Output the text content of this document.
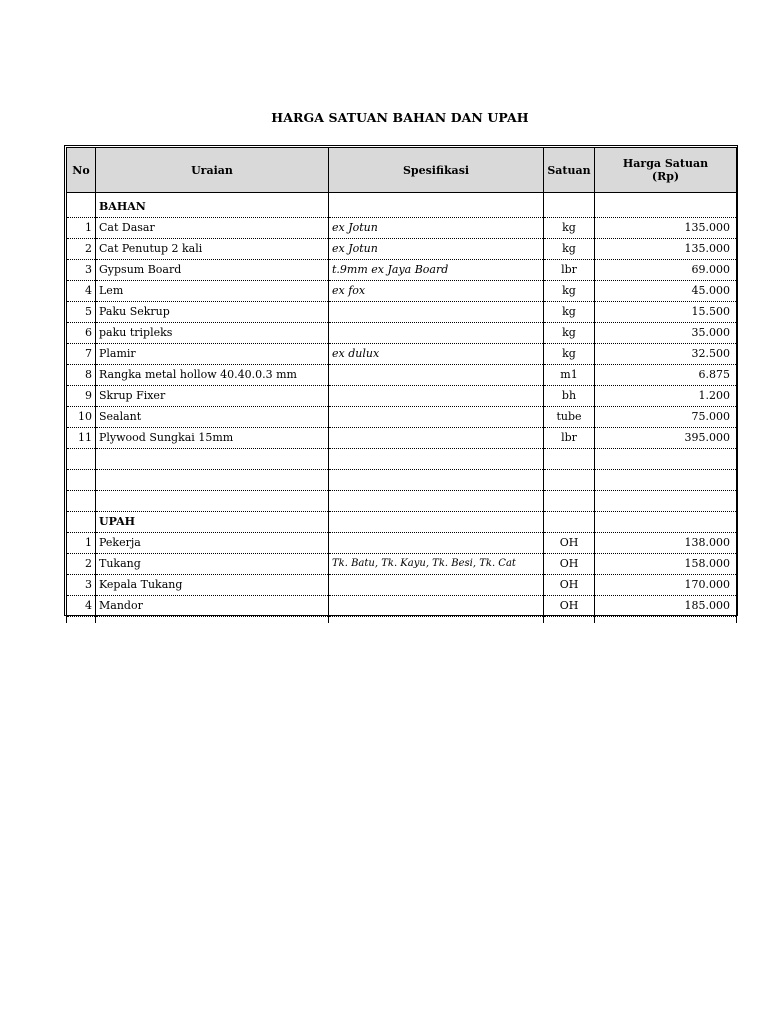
HARGA SATUAN BAHAN DAN UPAH
No	Uraian	Spesifikasi	Satuan	Harga Satuan
(Rp)

	BAHAN			
1	Cat Dasar	ex Jotun	kg	135.000
2	Cat Penutup 2 kali	ex Jotun	kg	135.000
3	Gypsum Board	t.9mm ex Jaya Board	lbr	69.000
4	Lem	ex fox	kg	45.000
5	Paku Sekrup		kg	15.500
6	paku tripleks		kg	35.000
7	Plamir	ex dulux	kg	32.500
8	Rangka metal hollow 40.40.0.3 mm		m1	6.875
9	Skrup Fixer		bh	1.200
10	Sealant		tube	75.000
11	Plywood Sungkai 15mm		lbr	395.000

	UPAH			
1	Pekerja		OH	138.000
2	Tukang	Tk. Batu, Tk. Kayu, Tk. Besi, Tk. Cat	OH	158.000
3	Kepala Tukang		OH	170.000
4	Mandor		OH	185.000
